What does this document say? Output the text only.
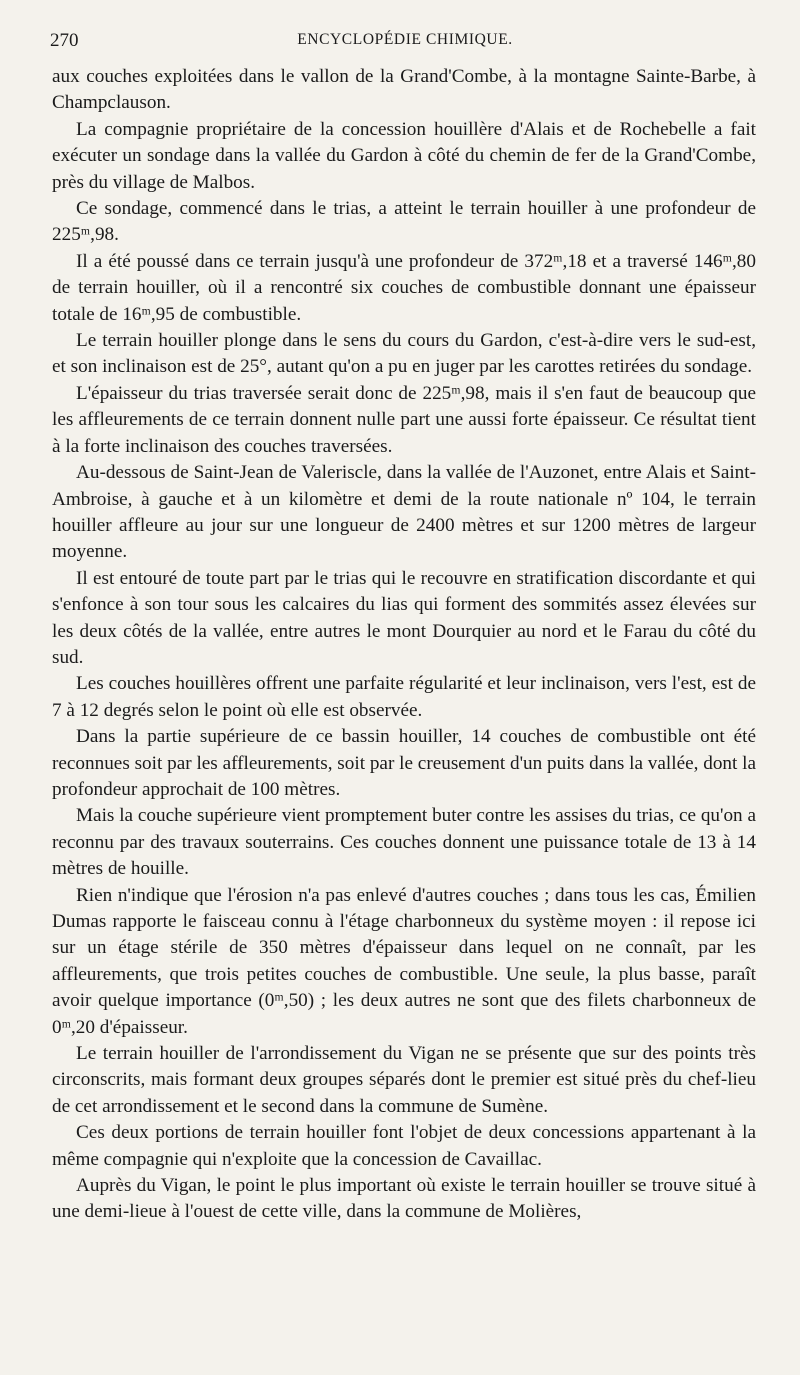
270	ENCYCLOPÉDIE CHIMIQUE.

aux couches exploitées dans le vallon de la Grand'Combe, à la montagne Sainte-Barbe, à Champclauson.

La compagnie propriétaire de la concession houillère d'Alais et de Rochebelle a fait exécuter un sondage dans la vallée du Gardon à côté du chemin de fer de la Grand'Combe, près du village de Malbos.

Ce sondage, commencé dans le trias, a atteint le terrain houiller à une profondeur de 225ᵐ,98.

Il a été poussé dans ce terrain jusqu'à une profondeur de 372ᵐ,18 et a traversé 146ᵐ,80 de terrain houiller, où il a rencontré six couches de combustible donnant une épaisseur totale de 16ᵐ,95 de combustible.

Le terrain houiller plonge dans le sens du cours du Gardon, c'est-à-dire vers le sud-est, et son inclinaison est de 25°, autant qu'on a pu en juger par les carottes retirées du sondage.

L'épaisseur du trias traversée serait donc de 225ᵐ,98, mais il s'en faut de beaucoup que les affleurements de ce terrain donnent nulle part une aussi forte épaisseur. Ce résultat tient à la forte inclinaison des couches traversées.

Au-dessous de Saint-Jean de Valeriscle, dans la vallée de l'Auzonet, entre Alais et Saint-Ambroise, à gauche et à un kilomètre et demi de la route nationale nº 104, le terrain houiller affleure au jour sur une longueur de 2400 mètres et sur 1200 mètres de largeur moyenne.

Il est entouré de toute part par le trias qui le recouvre en stratification discordante et qui s'enfonce à son tour sous les calcaires du lias qui forment des sommités assez élevées sur les deux côtés de la vallée, entre autres le mont Dourquier au nord et le Farau du côté du sud.

Les couches houillères offrent une parfaite régularité et leur inclinaison, vers l'est, est de 7 à 12 degrés selon le point où elle est observée.

Dans la partie supérieure de ce bassin houiller, 14 couches de combustible ont été reconnues soit par les affleurements, soit par le creusement d'un puits dans la vallée, dont la profondeur approchait de 100 mètres.

Mais la couche supérieure vient promptement buter contre les assises du trias, ce qu'on a reconnu par des travaux souterrains. Ces couches donnent une puissance totale de 13 à 14 mètres de houille.

Rien n'indique que l'érosion n'a pas enlevé d'autres couches ; dans tous les cas, Émilien Dumas rapporte le faisceau connu à l'étage charbonneux du système moyen : il repose ici sur un étage stérile de 350 mètres d'épaisseur dans lequel on ne connaît, par les affleurements, que trois petites couches de combustible. Une seule, la plus basse, paraît avoir quelque importance (0ᵐ,50) ; les deux autres ne sont que des filets charbonneux de 0ᵐ,20 d'épaisseur.

Le terrain houiller de l'arrondissement du Vigan ne se présente que sur des points très circonscrits, mais formant deux groupes séparés dont le premier est situé près du chef-lieu de cet arrondissement et le second dans la commune de Sumène.

Ces deux portions de terrain houiller font l'objet de deux concessions appartenant à la même compagnie qui n'exploite que la concession de Cavaillac.

Auprès du Vigan, le point le plus important où existe le terrain houiller se trouve situé à une demi-lieue à l'ouest de cette ville, dans la commune de Molières,
